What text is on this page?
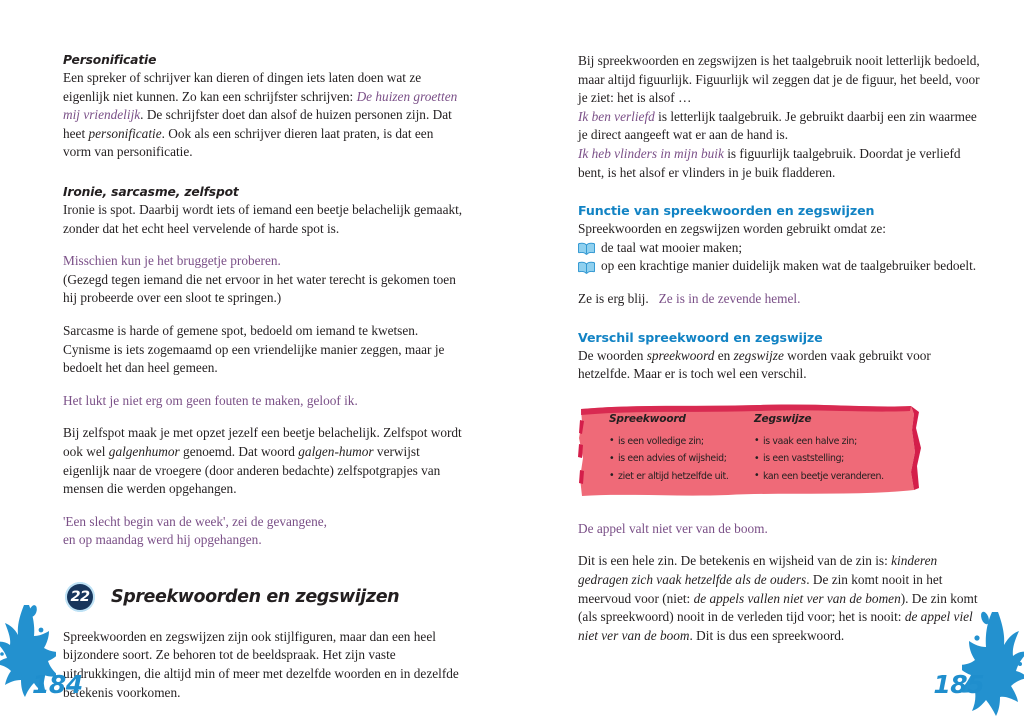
Personificatie

Een spreker of schrijver kan dieren of dingen iets laten doen wat ze eigenlijk niet kunnen. Zo kan een schrijfster schrijven: De huizen groetten mij vriendelijk. De schrijfster doet dan alsof de huizen personen zijn. Dat heet personificatie. Ook als een schrijver dieren laat praten, is dat een vorm van personificatie.

Ironie, sarcasme, zelfspot

Ironie is spot. Daarbij wordt iets of iemand een beetje belachelijk gemaakt, zonder dat het echt heel vervelende of harde spot is.

Misschien kun je het bruggetje proberen.

(Gezegd tegen iemand die net ervoor in het water terecht is gekomen toen hij probeerde over een sloot te springen.)

Sarcasme is harde of gemene spot, bedoeld om iemand te kwetsen. Cynisme is iets zogemaamd op een vriendelijke manier zeggen, maar je bedoelt het dan heel gemeen.

Het lukt je niet erg om geen fouten te maken, geloof ik.

Bij zelfspot maak je met opzet jezelf een beetje belachelijk. Zelfspot wordt ook wel galgenhumor genoemd. Dat woord galgen-humor verwijst eigenlijk naar de vroegere (door anderen bedachte) zelfspotgrapjes van mensen die werden opgehangen.

'Een slecht begin van de week', zei de gevangene,

en op maandag werd hij opgehangen.

22 Spreekwoorden en zegswijzen

Spreekwoorden en zegswijzen zijn ook stijlfiguren, maar dan een heel bijzondere soort. Ze behoren tot de beeldspraak. Het zijn vaste uitdrukkingen, die altijd min of meer met dezelfde woorden en in dezelfde betekenis voorkomen.

Bij spreekwoorden en zegswijzen is het taalgebruik nooit letterlijk bedoeld, maar altijd figuurlijk. Figuurlijk wil zeggen dat je de figuur, het beeld, voor je ziet: het is alsof …

Ik ben verliefd is letterlijk taalgebruik. Je gebruikt daarbij een zin waarmee je direct aangeeft wat er aan de hand is.

Ik heb vlinders in mijn buik is figuurlijk taalgebruik. Doordat je verliefd bent, is het alsof er vlinders in je buik fladderen.

Functie van spreekwoorden en zegswijzen

Spreekwoorden en zegswijzen worden gebruikt omdat ze:

de taal wat mooier maken;
op een krachtige manier duidelijk maken wat de taalgebruiker bedoelt.

Ze is erg blij. Ze is in de zevende hemel.

Verschil spreekwoord en zegswijze

De woorden spreekwoord en zegswijze worden vaak gebruikt voor hetzelfde. Maar er is toch wel een verschil.

Spreekwoord
• is een volledige zin;
• is een advies of wijsheid;
• ziet er altijd hetzelfde uit.
Zegswijze
• is vaak een halve zin;
• is een vaststelling;
• kan een beetje veranderen.

De appel valt niet ver van de boom.

Dit is een hele zin. De betekenis en wijsheid van de zin is: kinderen gedragen zich vaak hetzelfde als de ouders. De zin komt nooit in het meervoud voor (niet: de appels vallen niet ver van de bomen). De zin komt (als spreekwoord) nooit in de verleden tijd voor; het is nooit: de appel viel niet ver van de boom. Dit is dus een spreekwoord.

184	185
